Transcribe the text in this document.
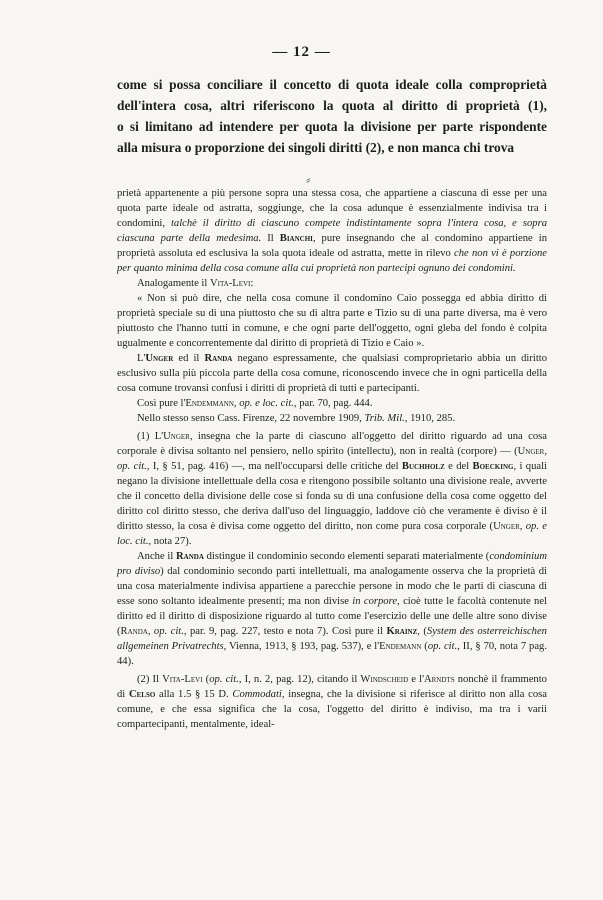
— 12 —
come si possa conciliare il concetto di quota ideale colla comproprietà
dell'intera cosa, altri riferiscono la quota al diritto di proprietà (1),
o si limitano ad intendere per quota la divisione per parte rispondente
alla misura o proporzione dei singoli diritti (2), e non manca chi trova
⸗

prietà appartenente a più persone sopra una stessa cosa, che appartiene a ciascuna di esse per una quota parte ideale od astratta, soggiunge, che la cosa adunque è essenzialmente indivisa tra i condomini, talchè il diritto di ciascuno compete indistintamente sopra l'intera cosa, e sopra ciascuna parte della medesima. Il Bianchi, pure insegnando che al condomino appartiene in proprietà assoluta ed esclusiva la sola quota ideale od astratta, mette in rilevo che non vi è porzione per quanto minima della cosa comune alla cui proprietà non partecipi ognuno dei condomini.

Analogamente il Vita-Levi:

« Non si può dire, che nella cosa comune il condomino Caio possegga ed abbia diritto di proprietà speciale su di una piuttosto che su di altra parte e Tizio su di una parte diversa, ma è vero piuttosto che l'hanno tutti in comune, e che ogni parte dell'oggetto, ogni gleba del fondo è colpita ugualmente e concorrentemente dal diritto di proprietà di Tizio e Caio ».

L'Unger ed il Randa negano espressamente, che qualsiasi comproprietario abbia un diritto esclusivo sulla più piccola parte della cosa comune, riconoscendo invece che in ogni particella della cosa comune trovansi confusi i diritti di proprietà di tutti e partecipanti.

Così pure l'Endemmann, op. e loc. cit., par. 70, pag. 444.

Nello stesso senso Cass. Firenze, 22 novembre 1909, Trib. Mil., 1910, 285.

(1) L'Unger, insegna che la parte di ciascuno all'oggetto del diritto riguardo ad una cosa corporale è divisa soltanto nel pensiero, nello spirito (intellectu), non in realtà (corpore) — (Unger, op. cit., I, § 51, pag. 416) —, ma nell'occuparsi delle critiche del Buchholz e del Boecking, i quali negano la divisione intellettuale della cosa e ritengono possibile soltanto una divisione reale, avverte che il concetto della divisione delle cose si fonda su di una confusione della cosa come oggetto del diritto col diritto stesso, che deriva dall'uso del linguaggio, laddove ciò che veramente è diviso è il diritto stesso, la cosa è divisa come oggetto del diritto, non come pura cosa corporale (Unger, op. e loc. cit., nota 27).

Anche il Randa distingue il condominio secondo elementi separati materialmente (condominium pro diviso) dal condominio secondo parti intellettuali, ma analogamente osserva che la proprietà di una cosa materialmente indivisa appartiene a parecchie persone in modo che le parti di ciascuna di esse sono soltanto idealmente presenti; ma non divise in corpore, cioè tutte le facoltà contenute nel diritto ed il diritto di disposizione riguardo al tutto come l'esercizio delle une delle altre sono divise (Randa, op. cit., par. 9, pag. 227, testo e nota 7). Così pure il Krainz, (System des osterreichischen allgemeinen Privatrechts, Vienna, 1913, § 193, pag. 537), e l'Endemann (op. cit., II, § 70, nota 7 pag. 44).

(2) Il Vita-Levi (op. cit., I, n. 2, pag. 12), citando il Windscheid e l'Arndts nonchè il frammento di Celso alla 1.5 § 15 D. Commodati, insegna, che la divisione si riferisce al diritto non alla cosa comune, e che essa significa che la cosa, l'oggetto del diritto è indiviso, ma tra i varii compartecipanti, mentalmente, ideal-
